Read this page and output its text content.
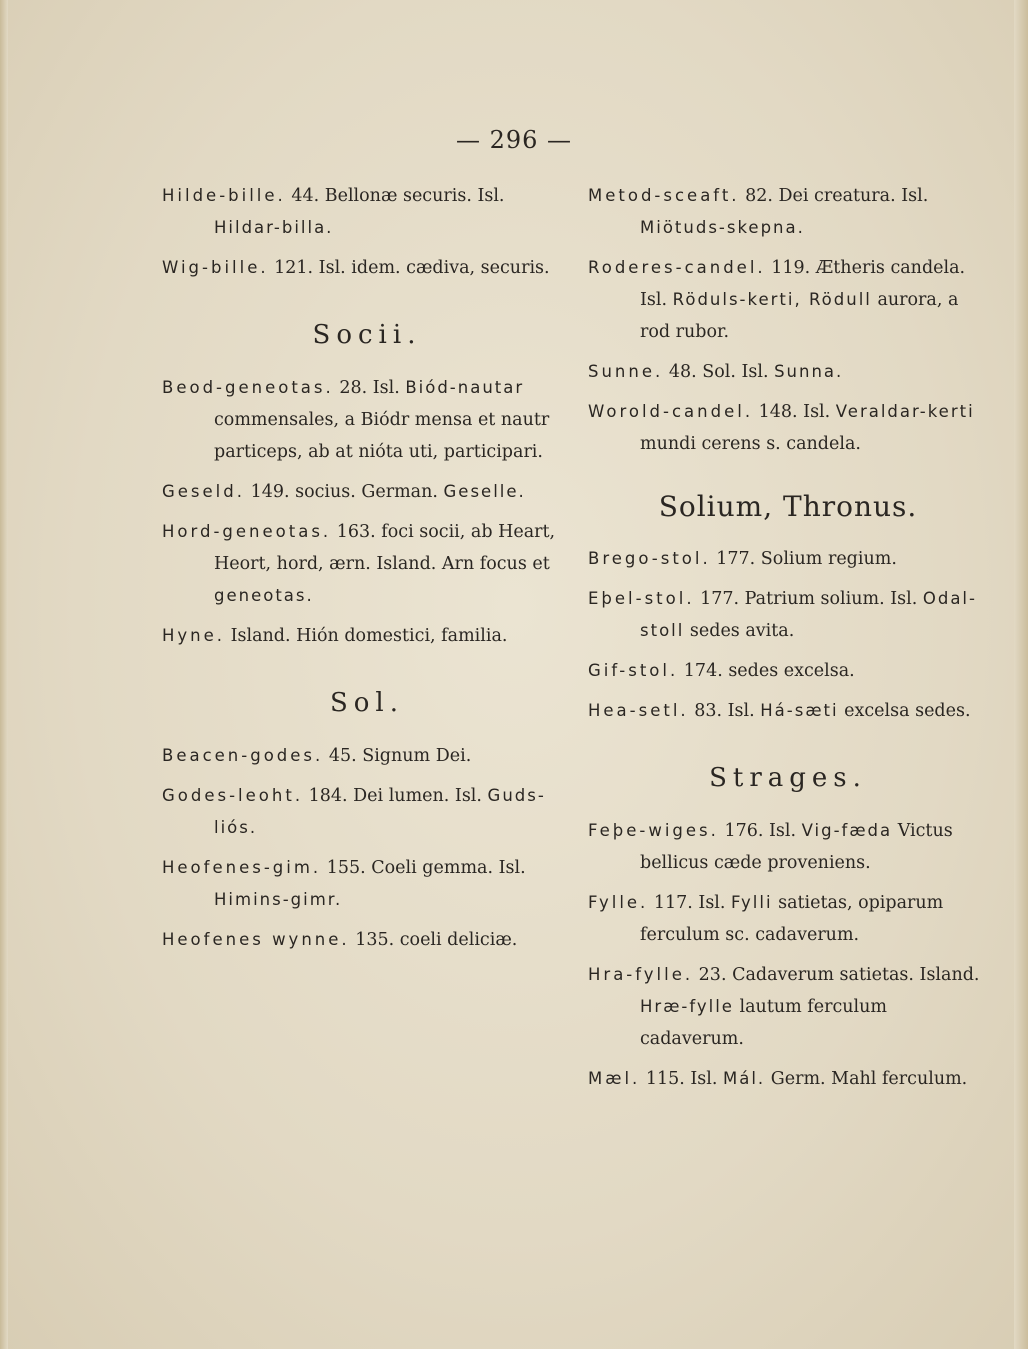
— 296 —
Hilde-bille. 44. Bellonæ securis. Isl. Hildar-billa.
Wig-bille. 121. Isl. idem. cædiva, securis.
Socii.
Beod-geneotas. 28. Isl. Biód-nautar commensales, a Biódr mensa et nautr particeps, ab at nióta uti, participari.
Geseld. 149. socius. German. Geselle.
Hord-geneotas. 163. foci socii, ab Heart, Heort, hord, ærn. Island. Arn focus et geneotas.
Hyne. Island. Hión domestici, familia.
Sol.
Beacen-godes. 45. Signum Dei.
Godes-leoht. 184. Dei lumen. Isl. Guds-liós.
Heofenes-gim. 155. Coeli gemma. Isl. Himins-gimr.
Heofenes wynne. 135. coeli deliciæ.
Metod-sceaft. 82. Dei creatura. Isl. Miötuds-skepna.
Roderes-candel. 119. Ætheris candela. Isl. Röduls-kerti, Rödull aurora, a rod rubor.
Sunne. 48. Sol. Isl. Sunna.
Worold-candel. 148. Isl. Veraldar-kerti mundi cerens s. candela.
Solium, Thronus.
Brego-stol. 177. Solium regium.
Eþel-stol. 177. Patrium solium. Isl. Odal-stoll sedes avita.
Gif-stol. 174. sedes excelsa.
Hea-setl. 83. Isl. Há-sæti excelsa sedes.
Strages.
Feþe-wiges. 176. Isl. Vig-fæda Victus bellicus cæde proveniens.
Fylle. 117. Isl. Fylli satietas, opiparum ferculum sc. cadaverum.
Hra-fylle. 23. Cadaverum satietas. Island. Hræ-fylle lautum ferculum cadaverum.
Mæl. 115. Isl. Mál. Germ. Mahl ferculum.
